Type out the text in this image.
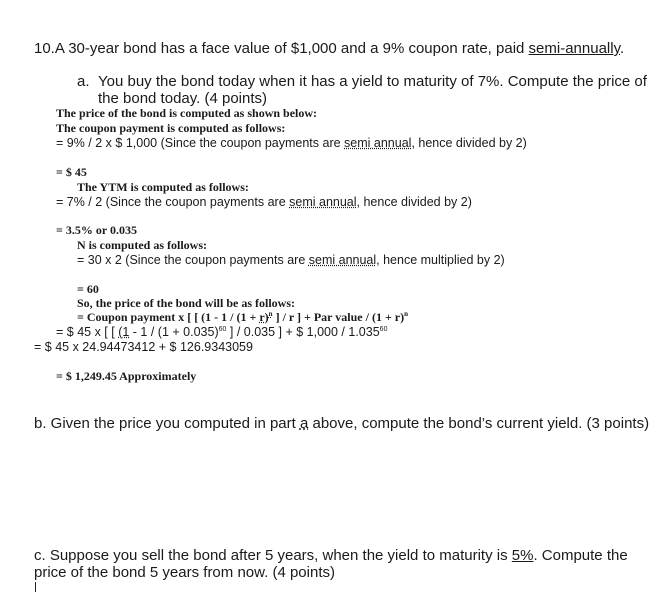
10.A 30-year bond has a face value of $1,000 and a 9% coupon rate, paid semi-annually.
a. You buy the bond today when it has a yield to maturity of 7%. Compute the price of
the bond today. (4 points)
The price of the bond is computed as shown below:
The coupon payment is computed as follows:
= 9% / 2 x $ 1,000 (Since the coupon payments are semi annual, hence divided by 2)
= $ 45
The YTM is computed as follows:
= 7% / 2 (Since the coupon payments are semi annual, hence divided by 2)
= 3.5% or 0.035
N is computed as follows:
= 30 x 2 (Since the coupon payments are semi annual, hence multiplied by 2)
= 60
So, the price of the bond will be as follows:
= Coupon payment x [ [ ($1 - 1 / (1 + r)^n$ ] / r ] + Par value / $(1 + r)^n$
= $ 45 x [ [ ($1 - 1 / (1 + 0.035)^{60}$ ] / 0.035 ] + $ $1,000 / 1.035^{60}$
= $ 45 x 24.94473412 + $ 126.9343059
= $ 1,249.45 Approximately
b. Given the price you computed in part a above, compute the bond’s current yield. (3 points)
c. Suppose you sell the bond after 5 years, when the yield to maturity is 5%. Compute the
price of the bond 5 years from now. (4 points)
